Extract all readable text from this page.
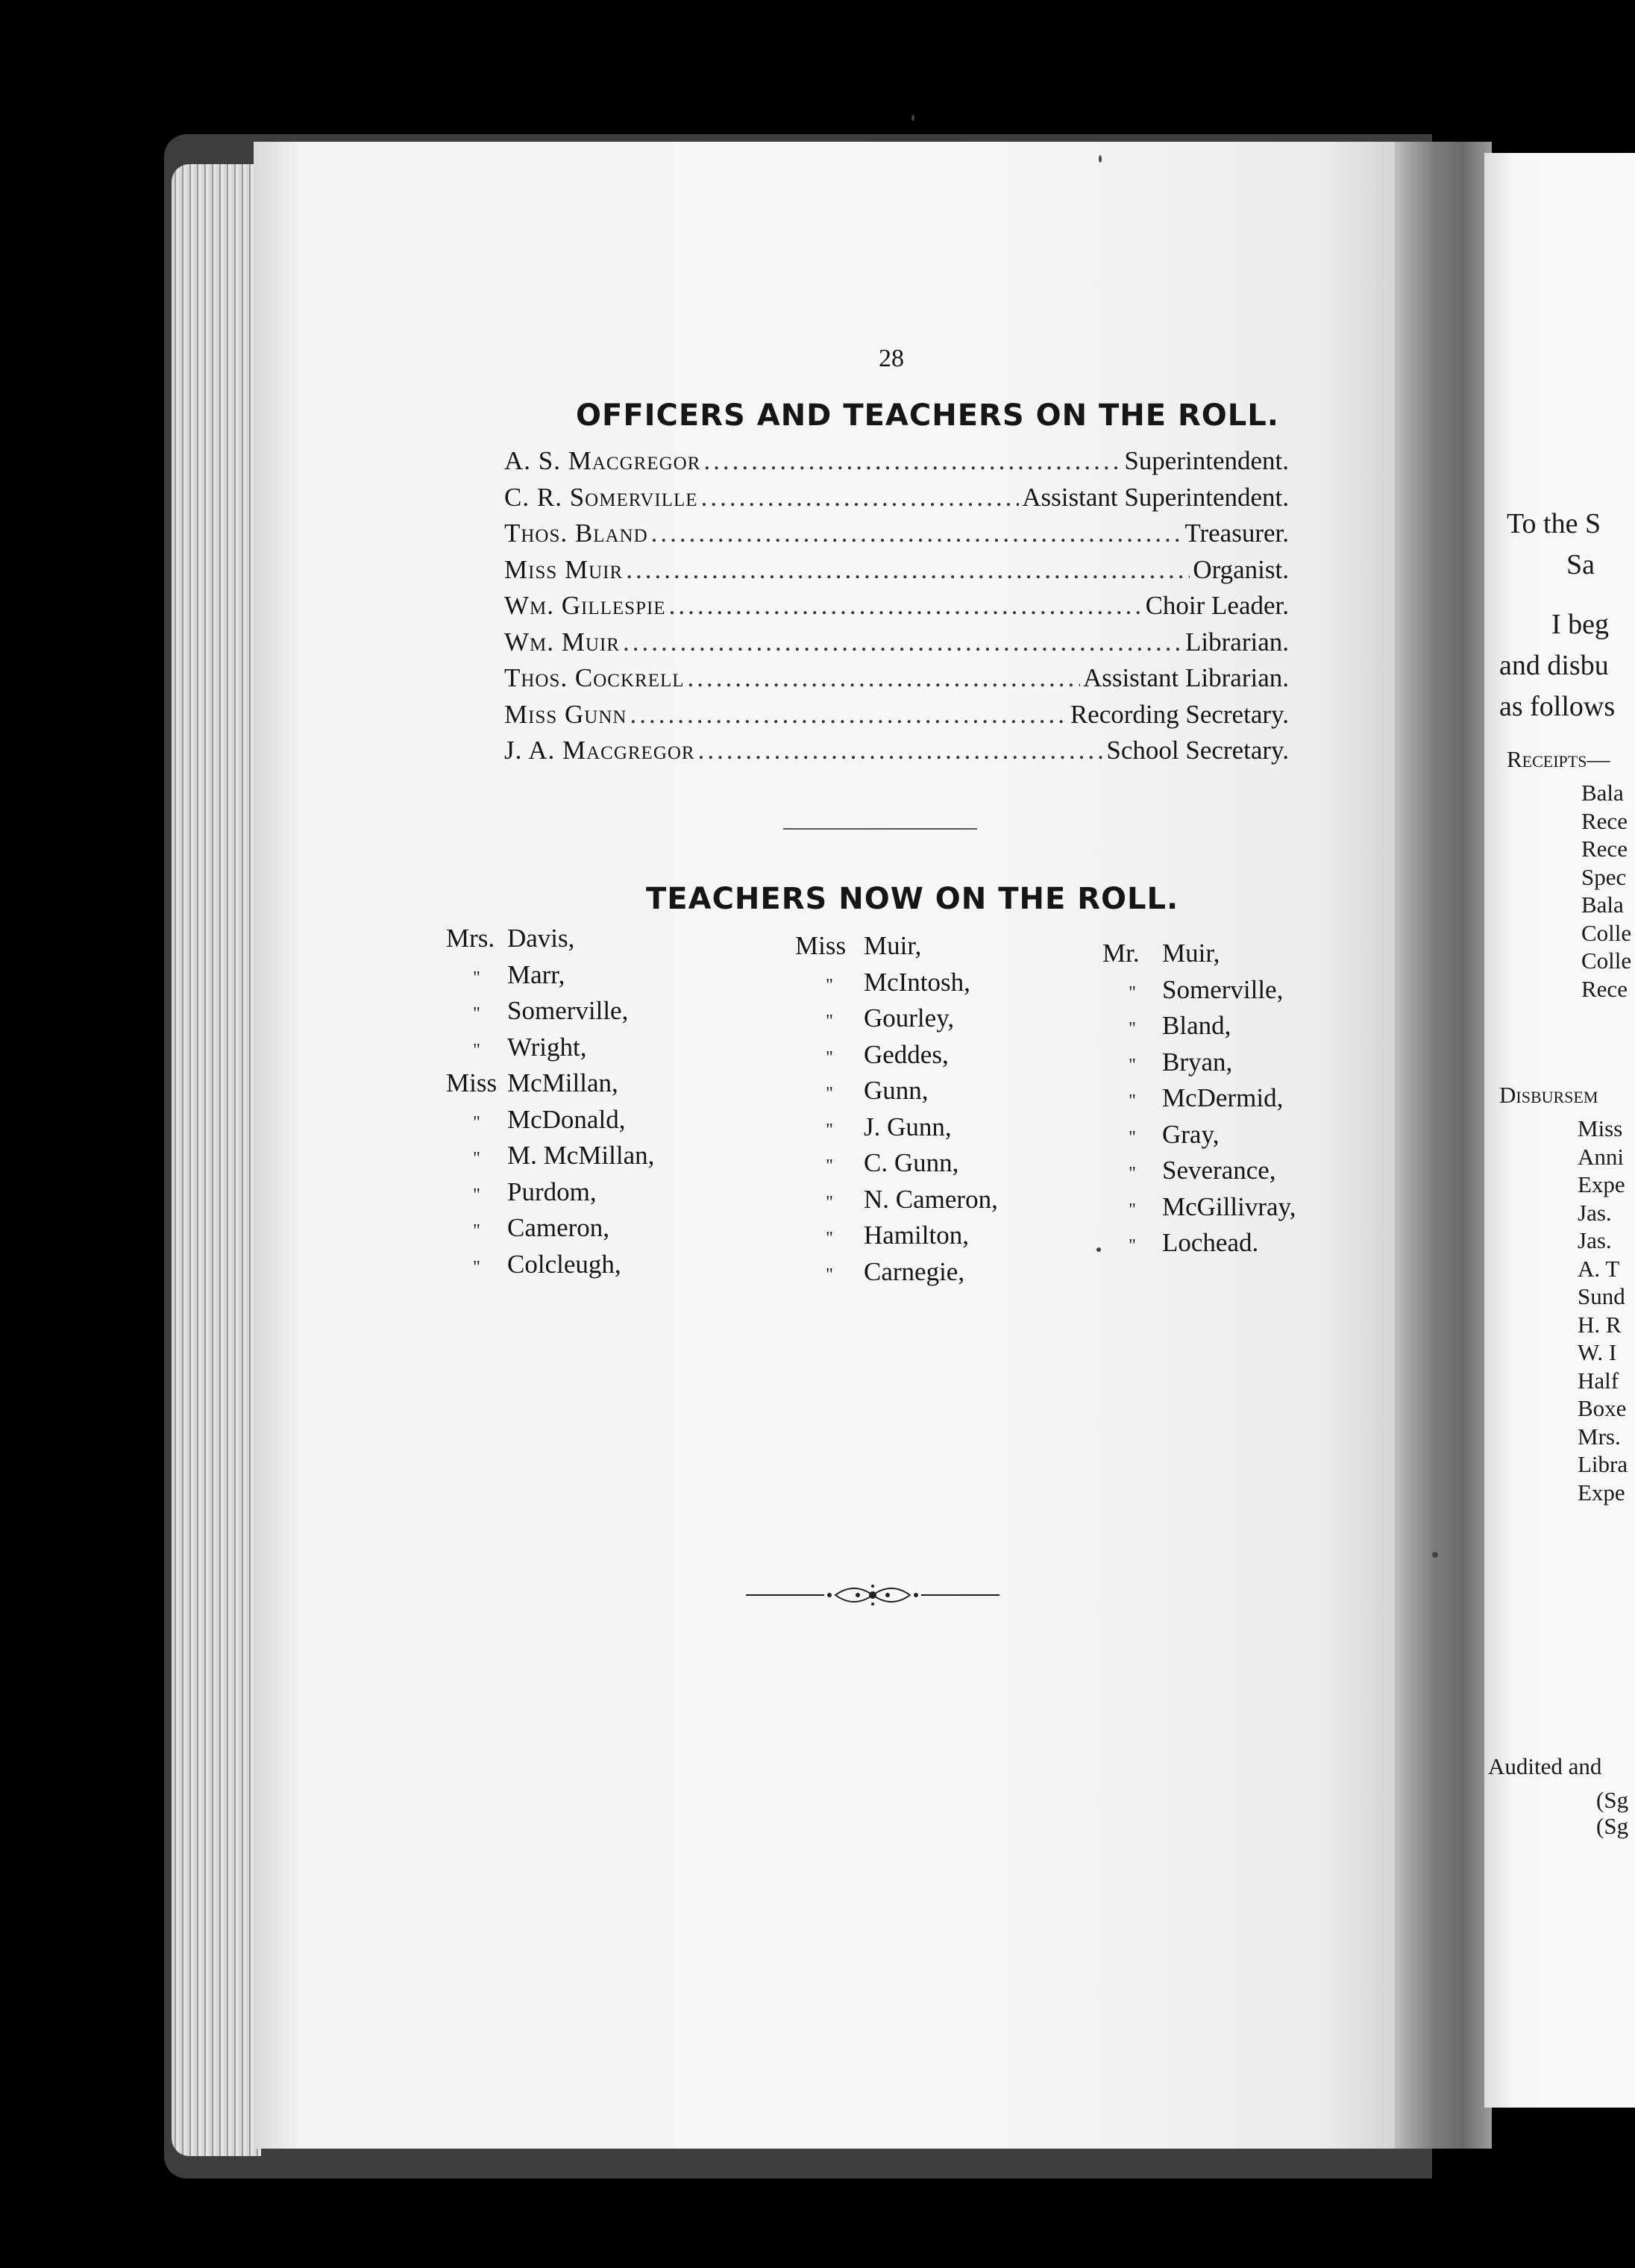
To the S
Sa
I beg
and disbu
as follows
Receipts—
Bala
Rece
Rece
Spec
Bala
Colle
Colle
Rece
Disbursem
Miss
Anni
Expe
Jas.
Jas.
A. T
Sund
H. R
W. I
Half
Boxe
Mrs.
Libra
Expe
Audited and
(Sg
(Sg
28
OFFICERS AND TEACHERS ON THE ROLL.
A. S. Macgregor .....	Superintendent.
C. R. Somerville .....	Assistant Superintendent.
Thos. Bland .....	Treasurer.
Miss Muir .....	Organist.
Wm. Gillespie .....	Choir Leader.
Wm. Muir .....	Librarian.
Thos. Cockrell .....	Assistant Librarian.
Miss Gunn .....	Recording Secretary.
J. A. Macgregor .....	School Secretary.
TEACHERS NOW ON THE ROLL.
Mrs. Davis,
"	Marr,
"	Somerville,
"	Wright,
Miss McMillan,
"	McDonald,
"	M. McMillan,
"	Purdom,
"	Cameron,
"	Colcleugh,
Miss Muir,
"	McIntosh,
"	Gourley,
"	Geddes,
"	Gunn,
"	J. Gunn,
"	C. Gunn,
"	N. Cameron,
"	Hamilton,
"	Carnegie,
Mr. Muir,
"	Somerville,
"	Bland,
"	Bryan,
"	McDermid,
"	Gray,
"	Severance,
"	McGillivray,
"	Lochead.
